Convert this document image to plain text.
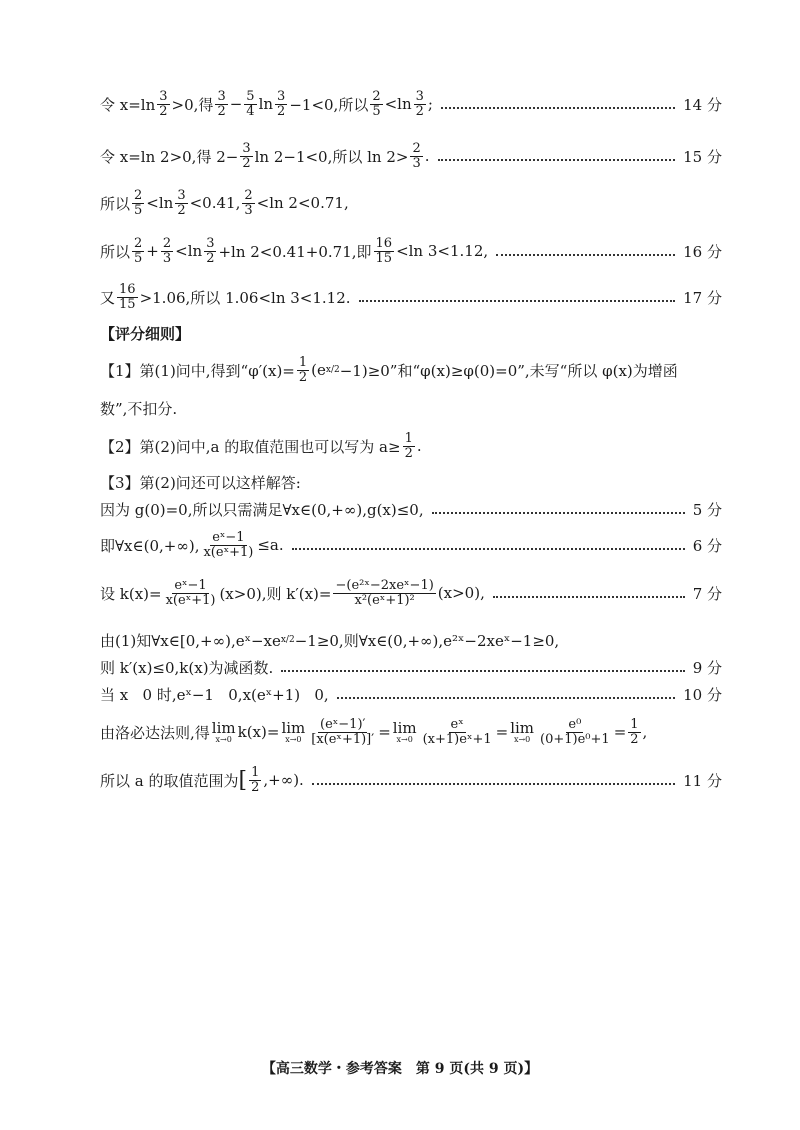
令 $x=\ln \frac{3}{2} >0$,得 $\frac{3}{2} - \frac{5}{4}$ $\ln \frac{3}{2} -1<0$,所以 $\frac{2}{5} <\ln \frac{3}{2}$ ;	14 分
令 x=ln 2>0,得 $2- \frac{3}{2}$ ln 2−1<0,所以 $\ln 2> \frac{2}{3}$ .	15 分
所以 $\frac{2}{5} <\ln \frac{3}{2} <0.41$, $\frac{2}{3} <\ln$ 2<0.71,
所以 $\frac{2}{5} + \frac{2}{3} <\ln \frac{3}{2} +\ln$ 2<0.41+0.71,即 $\frac{16}{15} <\ln$ 3<1.12,	16 分
又 $\frac{16}{15} >1.06$,所以 1.06<ln 3<1.12.	17 分
【评分细则】
【1】第(1)问中,得到“$\varphi'(x)= \frac{1}{2} (e$ x/2 −1)≥0”和“φ(x)≥φ(0)=0”,未写“所以 φ(x)为增函
数”,不扣分.
【2】第(2)问中,a 的取值范围也可以写为 $a\ge \frac{1}{2}$ .
【3】第(2)问还可以这样解答:
因为 g(0)=0,所以只需满足∀x∈(0,+∞),g(x)≤0,	5 分
即∀x∈(0,+∞), $\frac{\text{eˣ−1}}{\text{x(eˣ+1)}} \le a$.	6 分
设 $k(x)= \frac{\text{eˣ−1}}{\text{x(eˣ+1)}} (x>0)$,则 $k'(x)= \frac{\text{−(e²ˣ−2xeˣ−1)}}{\text{x²(eˣ+1)²}} (x>0)$,	7 分
由(1)知∀x∈[0,+∞),eˣ−xe x/2 −1≥0,则∀x∈(0,+∞),e²ˣ−2xeˣ−1≥0,
则 k′(x)≤0,k(x)为减函数.	9 分
当 x   0 时,eˣ−1   0,x(eˣ+1)   0,	10 分
由洛必达法则,得 lim
x→0 k(x)= lim
$x\to 0 \frac{\text{(eˣ−1)′}}{\text{[x(eˣ+1)]′}} = \lim$
$x\to 0 \frac{\text{eˣ}}{\text{(x+1)eˣ+1}} = \lim$
$x\to 0 \frac{\text{e⁰}}{\text{(0+1)e⁰+1}} = \frac{1}{2}$ ,
所以 a 的取值范围为 [ $\frac{1}{2}$ ,+∞).	11 分
【高三数学・参考答案　第 9 页(共 9 页)】
